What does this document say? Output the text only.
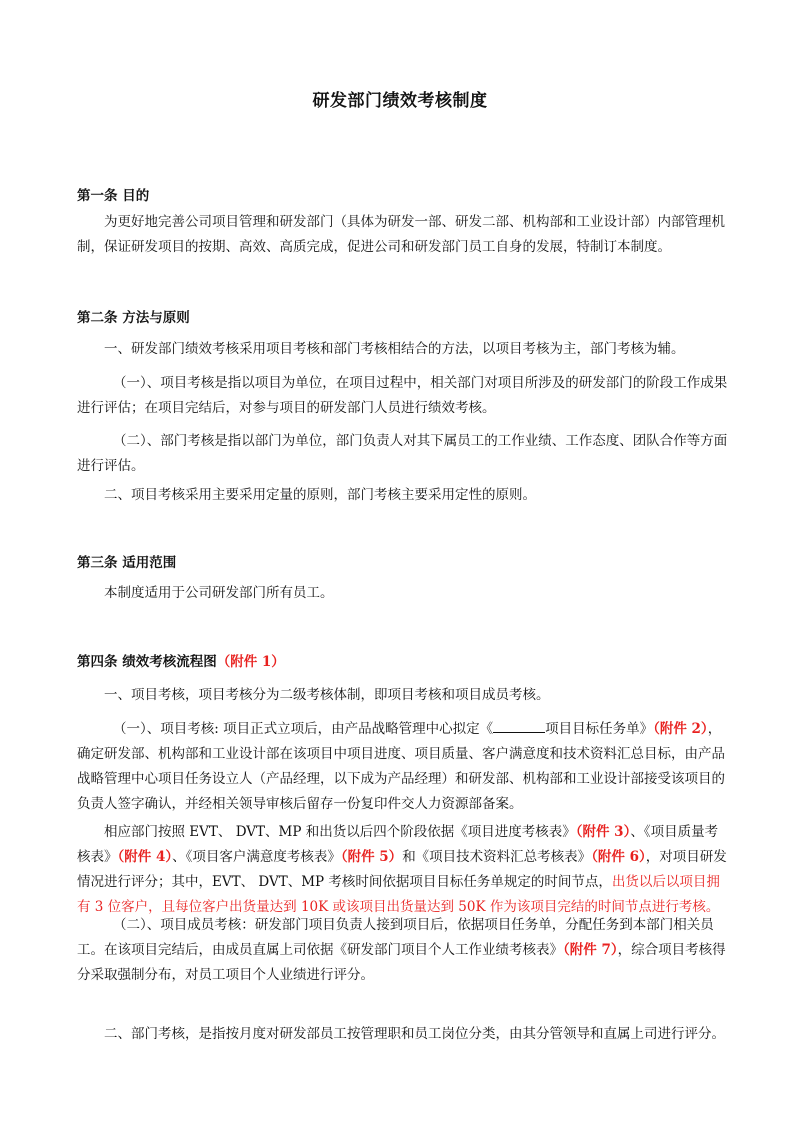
研发部门绩效考核制度
第一条 目的

为更好地完善公司项目管理和研发部门（具体为研发一部、研发二部、机构部和工业设计部）内部管理机制，保证研发项目的按期、高效、高质完成，促进公司和研发部门员工自身的发展，特制订本制度。

第二条 方法与原则

一、研发部门绩效考核采用项目考核和部门考核相结合的方法，以项目考核为主，部门考核为辅。

（一）、项目考核是指以项目为单位，在项目过程中，相关部门对项目所涉及的研发部门的阶段工作成果进行评估；在项目完结后，对参与项目的研发部门人员进行绩效考核。

（二）、部门考核是指以部门为单位，部门负责人对其下属员工的工作业绩、工作态度、团队合作等方面进行评估。

二、项目考核采用主要采用定量的原则，部门考核主要采用定性的原则。

第三条 适用范围

本制度适用于公司研发部门所有员工。

第四条 绩效考核流程图（附件 1）

一、项目考核，项目考核分为二级考核体制，即项目考核和项目成员考核。

（一）、项目考核: 项目正式立项后，由产品战略管理中心拟定《	项目目标任务单》（附件 2），确定研发部、机构部和工业设计部在该项目中项目进度、项目质量、客户满意度和技术资料汇总目标，由产品战略管理中心项目任务设立人（产品经理，以下成为产品经理）和研发部、机构部和工业设计部接受该项目的负责人签字确认，并经相关领导审核后留存一份复印件交人力资源部备案。

相应部门按照 EVT、 DVT、MP 和出货以后四个阶段依据《项目进度考核表》（附件 3）、《项目质量考核表》（附件 4）、《项目客户满意度考核表》（附件 5）和《项目技术资料汇总考核表》（附件 6），对项目研发情况进行评分；其中，EVT、 DVT、MP 考核时间依据项目目标任务单规定的时间节点，出货以后以项目拥有 3 位客户，且每位客户出货量达到 10K 或该项目出货量达到 50K 作为该项目完结的时间节点进行考核。

（二）、项目成员考核：研发部门项目负责人接到项目后，依据项目任务单，分配任务到本部门相关员工。在该项目完结后，由成员直属上司依据《研发部门项目个人工作业绩考核表》（附件 7），综合项目考核得分采取强制分布，对员工项目个人业绩进行评分。

二、部门考核，是指按月度对研发部员工按管理职和员工岗位分类，由其分管领导和直属上司进行评分。
